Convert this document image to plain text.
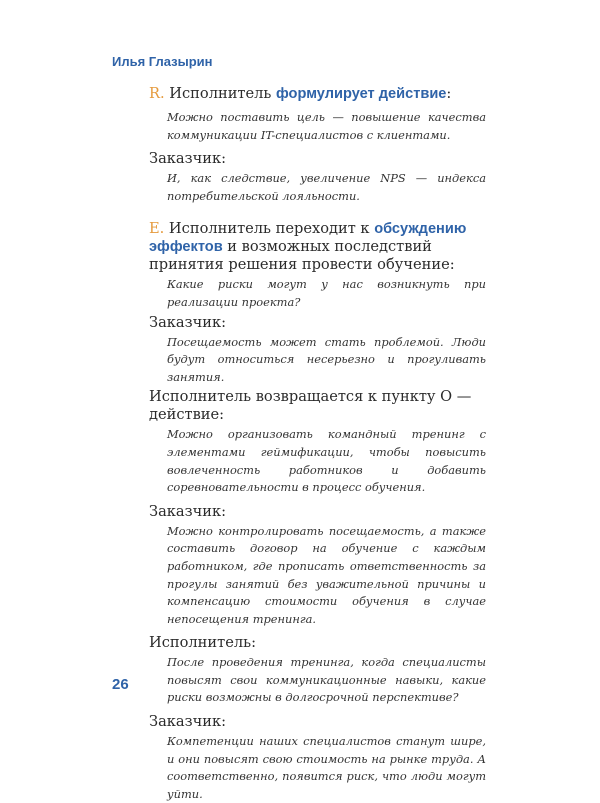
Илья Глазырин

R. Исполнитель формулирует действие:

Можно поставить цель — повышение качества коммуникации IT-специалистов с клиентами.

Заказчик:

И, как следствие, увеличение NPS — индекса потребительской лояльности.

E. Исполнитель переходит к обсуждению эффектов и возможных последствий принятия решения провести обучение:

Какие риски могут у нас возникнуть при реализации проекта?

Заказчик:

Посещаемость может стать проблемой. Люди будут относиться несерьезно и прогуливать занятия.

Исполнитель возвращается к пункту O — действие:

Можно организовать командный тренинг с элементами геймификации, чтобы повысить вовлеченность работников и добавить соревновательности в процесс обучения.

Заказчик:

Можно контролировать посещаемость, а также составить договор на обучение с каждым работником, где прописать ответственность за прогулы занятий без уважительной причины и компенсацию стоимости обучения в случае непосещения тренинга.

Исполнитель:

После проведения тренинга, когда специалисты повысят свои коммуникационные навыки, какие риски возможны в долгосрочной перспективе?

Заказчик:

Компетенции наших специалистов станут шире, и они повысят свою стоимость на рынке труда. А соответственно, появится риск, что люди могут уйти.

26
